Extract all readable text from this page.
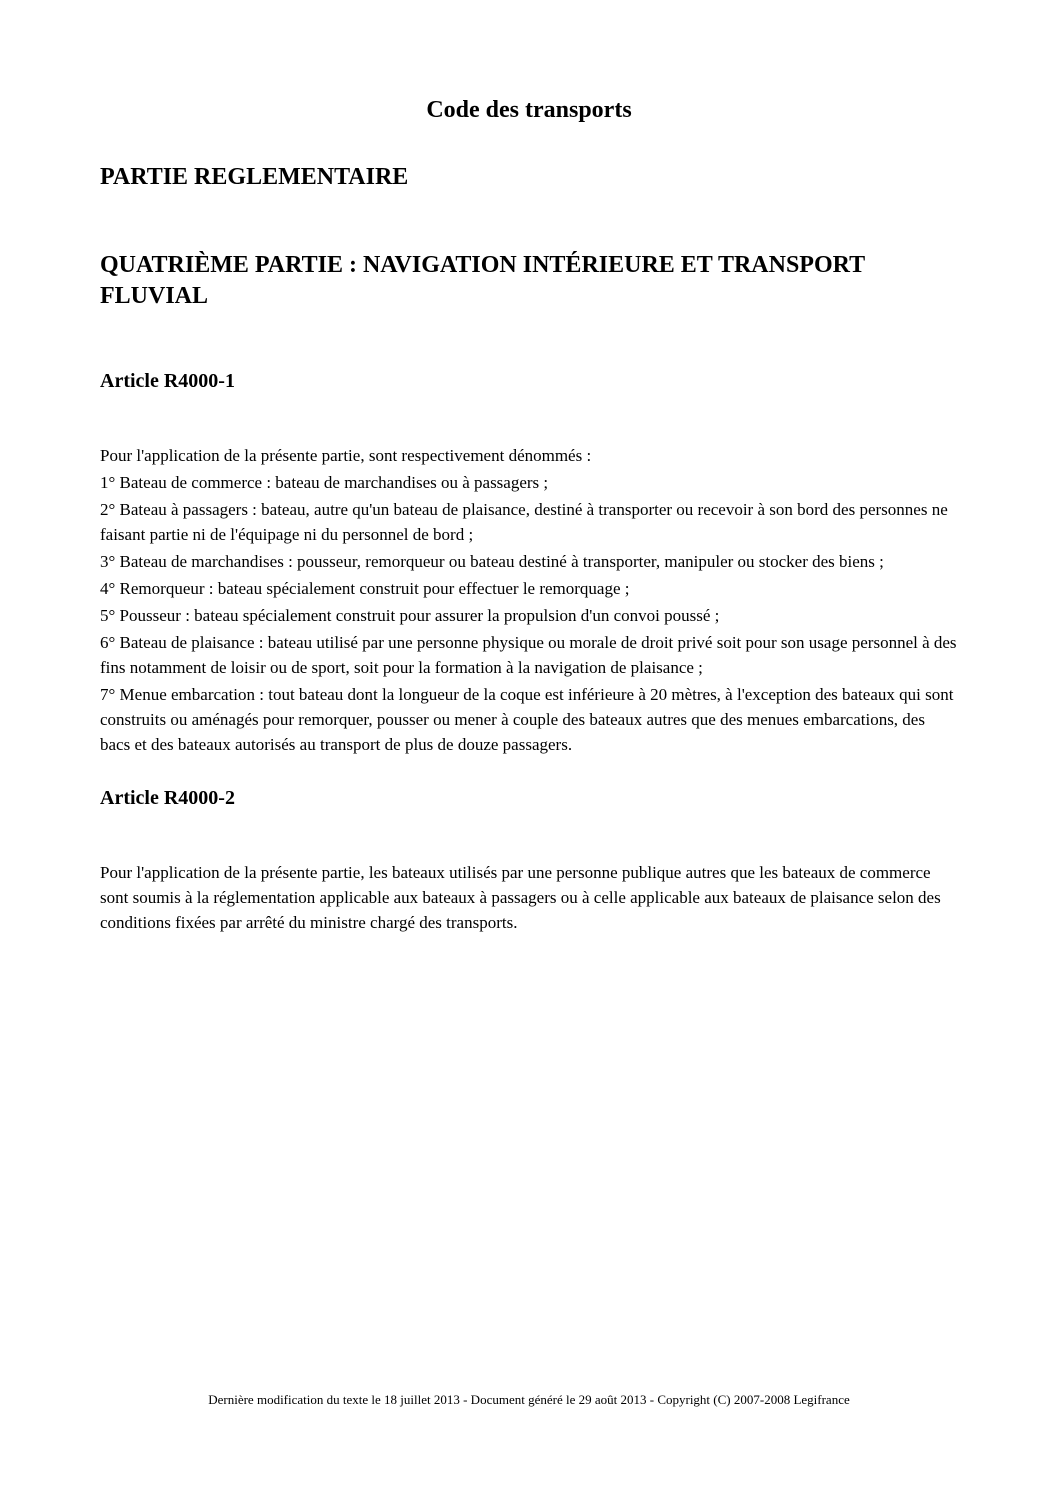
Code des transports
PARTIE REGLEMENTAIRE
QUATRIÈME PARTIE : NAVIGATION INTÉRIEURE ET TRANSPORT FLUVIAL
Article R4000-1

Pour l'application de la présente partie, sont respectivement dénommés :

1° Bateau de commerce : bateau de marchandises ou à passagers ;

2° Bateau à passagers : bateau, autre qu'un bateau de plaisance, destiné à transporter ou recevoir à son bord des personnes ne faisant partie ni de l'équipage ni du personnel de bord ;

3° Bateau de marchandises : pousseur, remorqueur ou bateau destiné à transporter, manipuler ou stocker des biens ;

4° Remorqueur : bateau spécialement construit pour effectuer le remorquage ;

5° Pousseur : bateau spécialement construit pour assurer la propulsion d'un convoi poussé ;

6° Bateau de plaisance : bateau utilisé par une personne physique ou morale de droit privé soit pour son usage personnel à des fins notamment de loisir ou de sport, soit pour la formation à la navigation de plaisance ;

7° Menue embarcation : tout bateau dont la longueur de la coque est inférieure à 20 mètres, à l'exception des bateaux qui sont construits ou aménagés pour remorquer, pousser ou mener à couple des bateaux autres que des menues embarcations, des bacs et des bateaux autorisés au transport de plus de douze passagers.

Article R4000-2

Pour l'application de la présente partie, les bateaux utilisés par une personne publique autres que les bateaux de commerce sont soumis à la réglementation applicable aux bateaux à passagers ou à celle applicable aux bateaux de plaisance selon des conditions fixées par arrêté du ministre chargé des transports.

Dernière modification du texte le 18 juillet 2013 - Document généré le 29 août 2013 - Copyright (C) 2007-2008 Legifrance
